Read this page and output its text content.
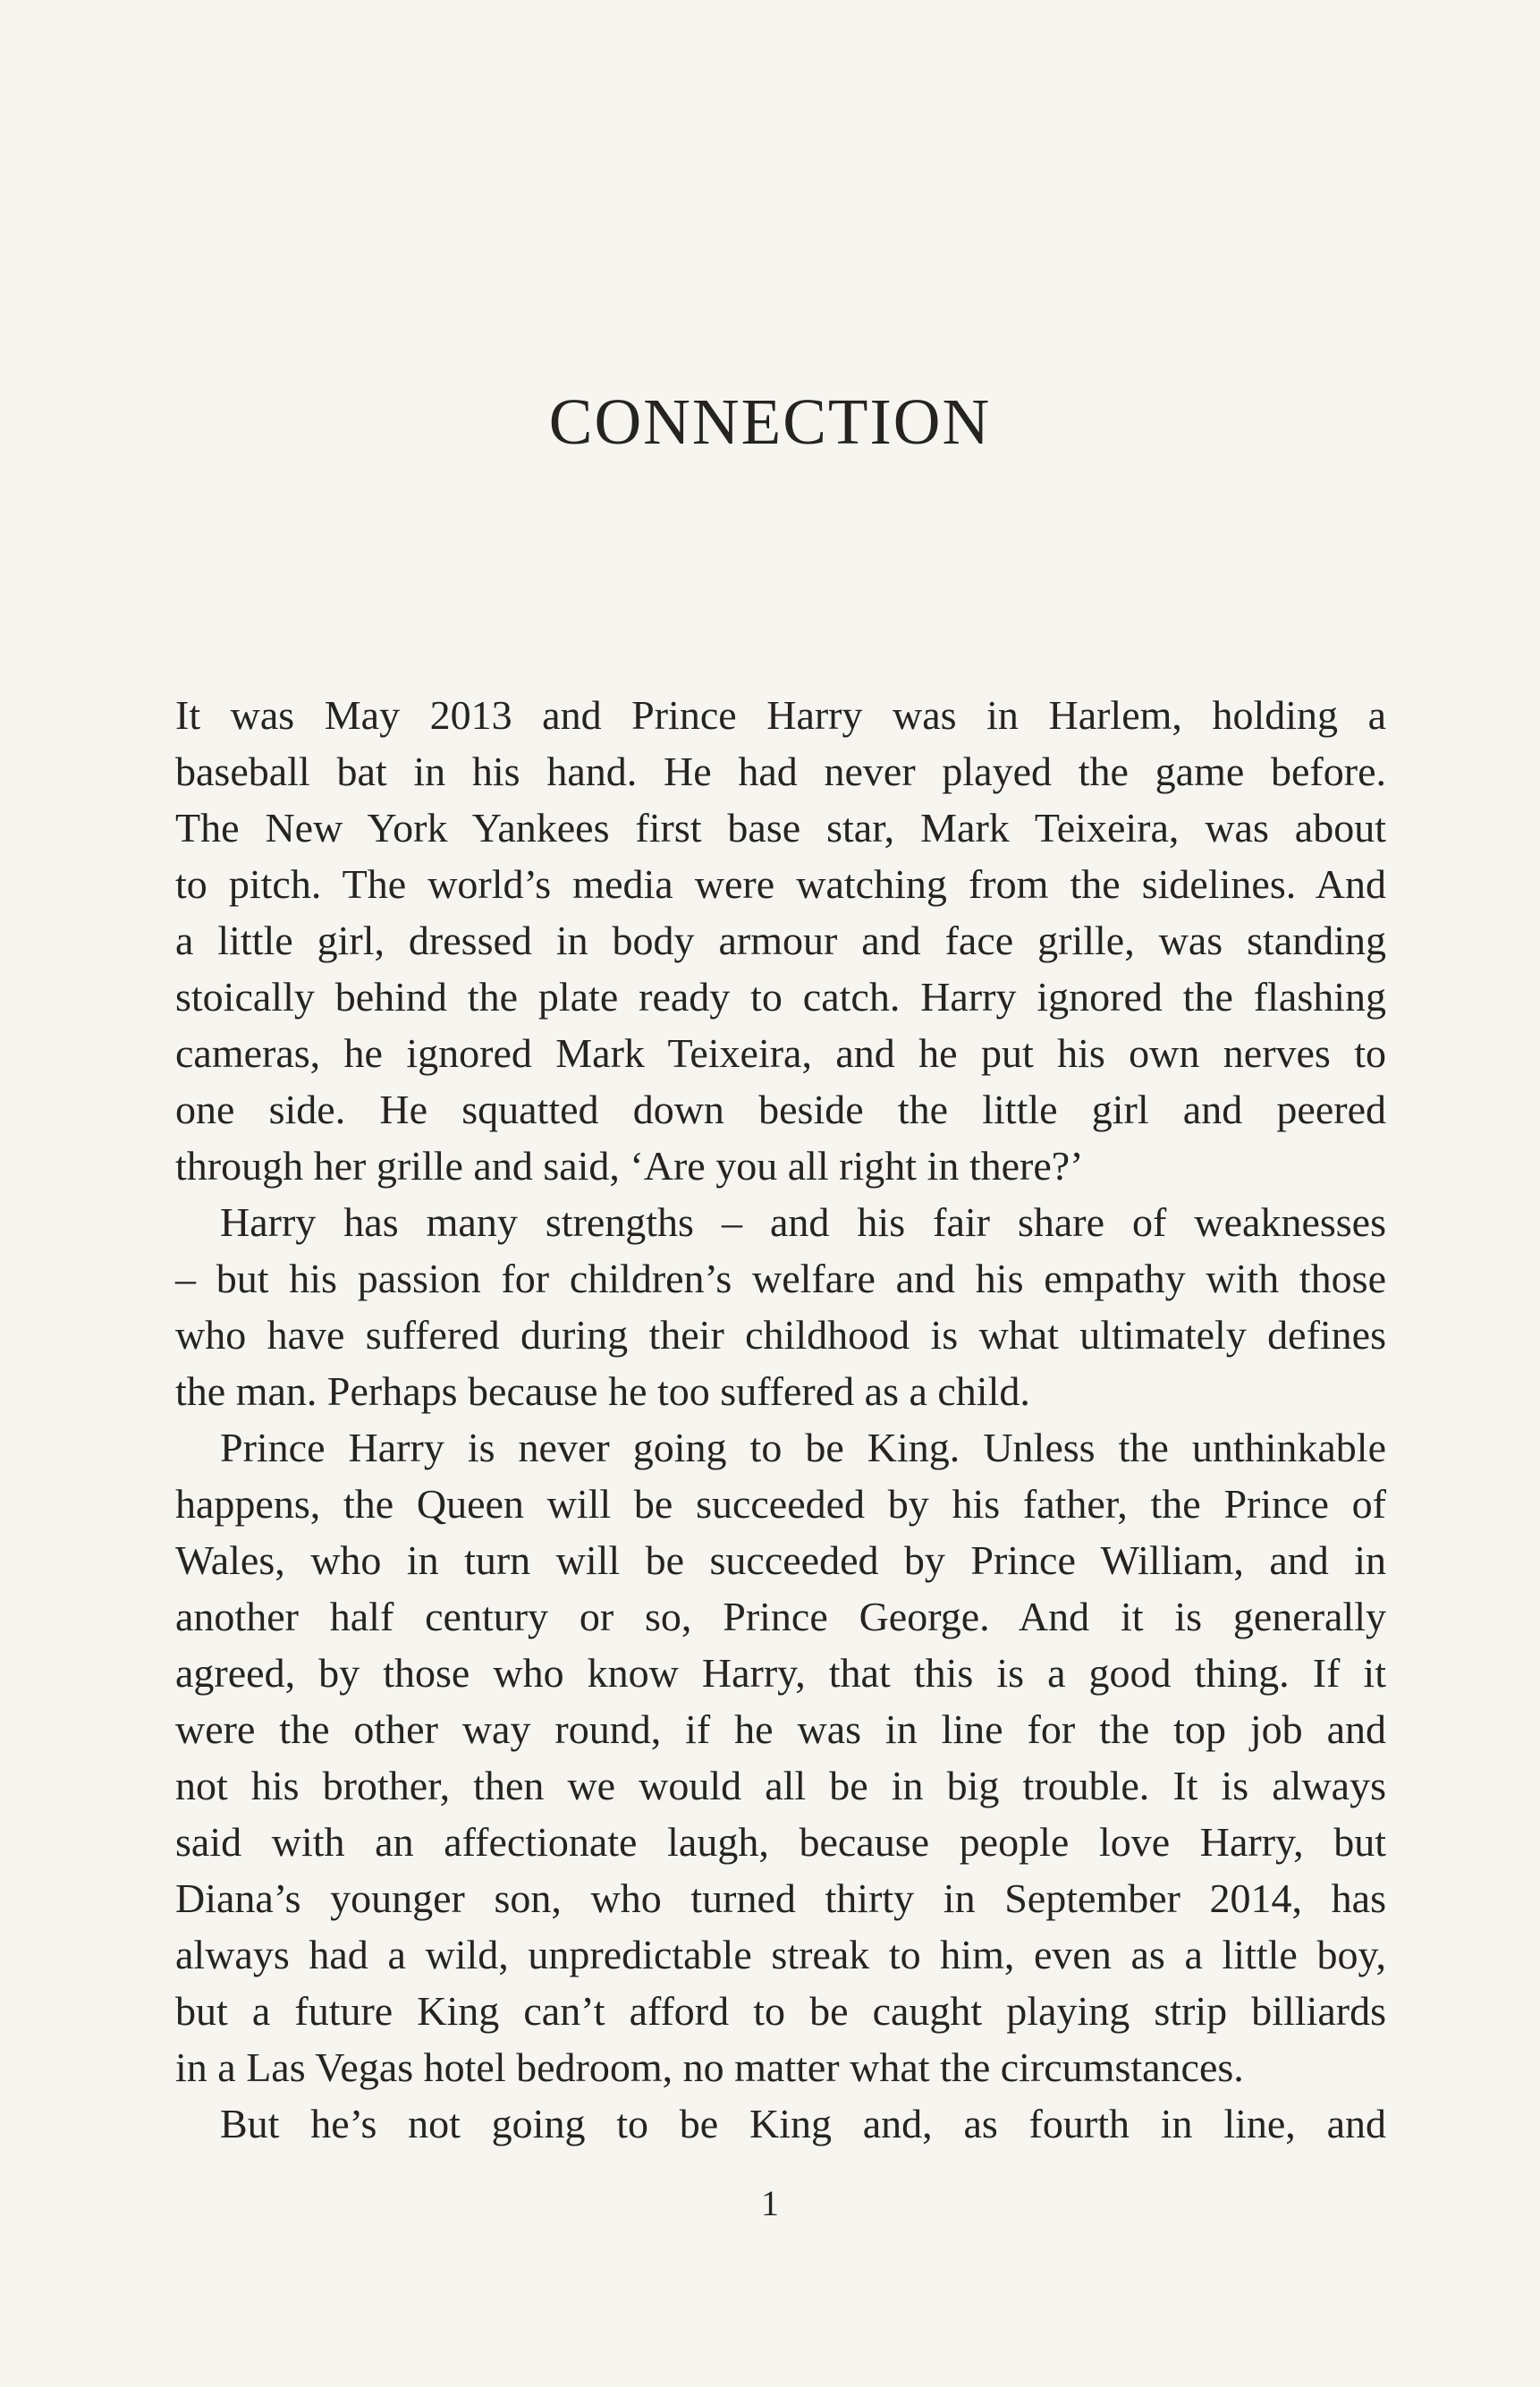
CONNECTION
It was May 2013 and Prince Harry was in Harlem, holding a
baseball bat in his hand. He had never played the game before.
The New York Yankees first base star, Mark Teixeira, was about
to pitch. The world’s media were watching from the sidelines. And
a little girl, dressed in body armour and face grille, was standing
stoically behind the plate ready to catch. Harry ignored the flashing
cameras, he ignored Mark Teixeira, and he put his own nerves to
one side. He squatted down beside the little girl and peered
through her grille and said, ‘Are you all right in there?’
Harry has many strengths – and his fair share of weaknesses
– but his passion for children’s welfare and his empathy with those
who have suffered during their childhood is what ultimately defines
the man. Perhaps because he too suffered as a child.
Prince Harry is never going to be King. Unless the unthinkable
happens, the Queen will be succeeded by his father, the Prince of
Wales, who in turn will be succeeded by Prince William, and in
another half century or so, Prince George. And it is generally
agreed, by those who know Harry, that this is a good thing. If it
were the other way round, if he was in line for the top job and
not his brother, then we would all be in big trouble. It is always
said with an affectionate laugh, because people love Harry, but
Diana’s younger son, who turned thirty in September 2014, has
always had a wild, unpredictable streak to him, even as a little boy,
but a future King can’t afford to be caught playing strip billiards
in a Las Vegas hotel bedroom, no matter what the circumstances.
But he’s not going to be King and, as fourth in line, and
1
